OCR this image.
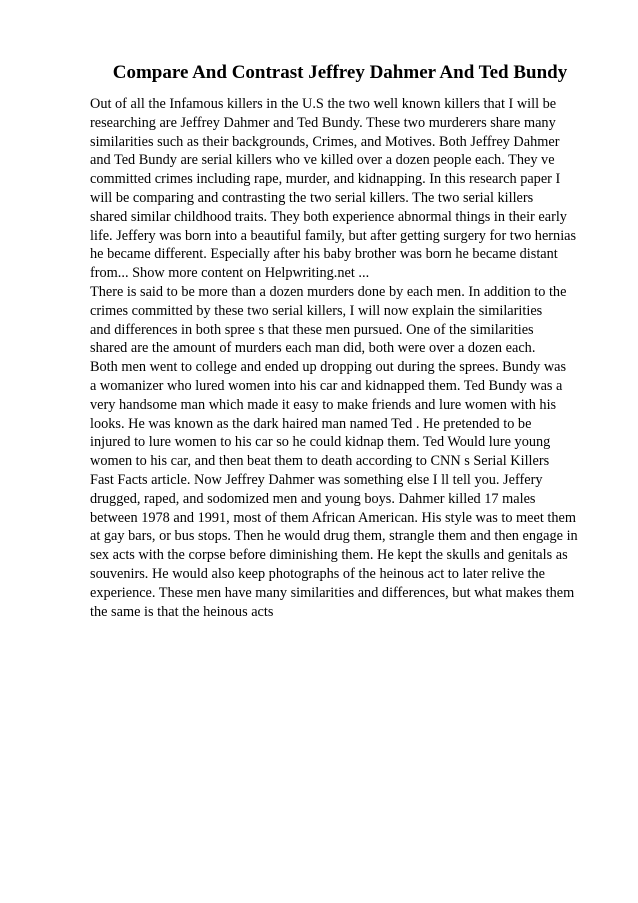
Compare And Contrast Jeffrey Dahmer And Ted Bundy
Out of all the Infamous killers in the U.S the two well known killers that I will be
researching are Jeffrey Dahmer and Ted Bundy. These two murderers share many
similarities such as their backgrounds, Crimes, and Motives. Both Jeffrey Dahmer
and Ted Bundy are serial killers who ve killed over a dozen people each. They ve
committed crimes including rape, murder, and kidnapping. In this research paper I
will be comparing and contrasting the two serial killers. The two serial killers
shared similar childhood traits. They both experience abnormal things in their early
life. Jeffery was born into a beautiful family, but after getting surgery for two hernias
he became different. Especially after his baby brother was born he became distant
from... Show more content on Helpwriting.net ...
There is said to be more than a dozen murders done by each men. In addition to the
crimes committed by these two serial killers, I will now explain the similarities
and differences in both spree s that these men pursued. One of the similarities
shared are the amount of murders each man did, both were over a dozen each.
Both men went to college and ended up dropping out during the sprees. Bundy was
a womanizer who lured women into his car and kidnapped them. Ted Bundy was a
very handsome man which made it easy to make friends and lure women with his
looks. He was known as the dark haired man named Ted . He pretended to be
injured to lure women to his car so he could kidnap them. Ted Would lure young
women to his car, and then beat them to death according to CNN s Serial Killers
Fast Facts article. Now Jeffrey Dahmer was something else I ll tell you. Jeffery
drugged, raped, and sodomized men and young boys. Dahmer killed 17 males
between 1978 and 1991, most of them African American. His style was to meet them
at gay bars, or bus stops. Then he would drug them, strangle them and then engage in
sex acts with the corpse before diminishing them. He kept the skulls and genitals as
souvenirs. He would also keep photographs of the heinous act to later relive the
experience. These men have many similarities and differences, but what makes them
the same is that the heinous acts
